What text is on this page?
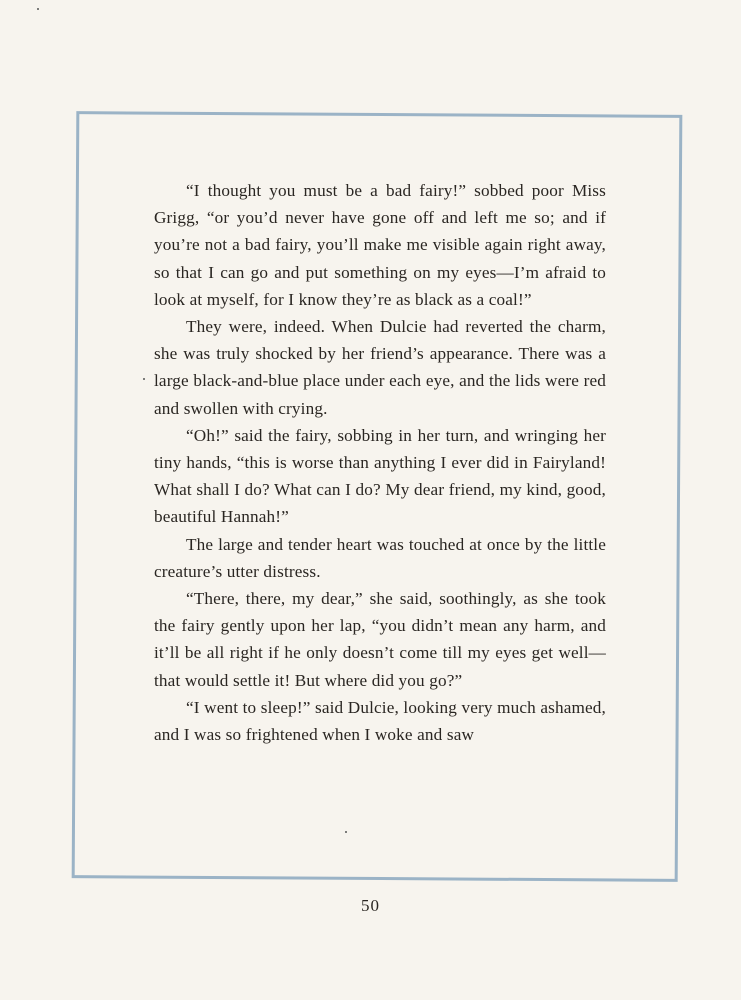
“I thought you must be a bad fairy!” sobbed poor Miss Grigg, “or you’d never have gone off and left me so; and if you’re not a bad fairy, you’ll make me visible again right away, so that I can go and put something on my eyes—I’m afraid to look at myself, for I know they’re as black as a coal!”

They were, indeed. When Dulcie had reverted the charm, she was truly shocked by her friend’s appearance. There was a large black-and-blue place under each eye, and the lids were red and swollen with crying.

“Oh!” said the fairy, sobbing in her turn, and wringing her tiny hands, “this is worse than anything I ever did in Fairyland! What shall I do? What can I do? My dear friend, my kind, good, beautiful Hannah!”

The large and tender heart was touched at once by the little creature’s utter distress.

“There, there, my dear,” she said, soothingly, as she took the fairy gently upon her lap, “you didn’t mean any harm, and it’ll be all right if he only doesn’t come till my eyes get well—that would settle it! But where did you go?”

“I went to sleep!” said Dulcie, looking very much ashamed, and I was so frightened when I woke and saw

50
